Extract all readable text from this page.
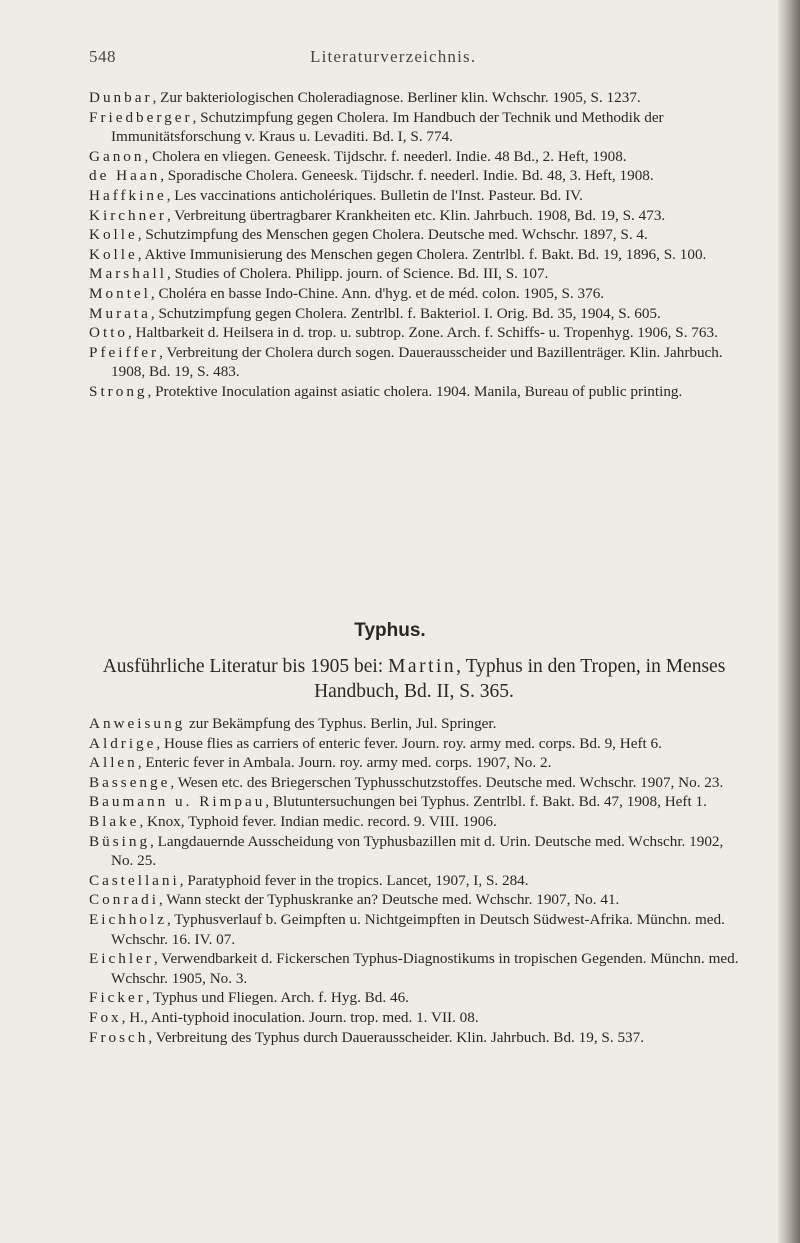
548	Literaturverzeichnis.
Dunbar, Zur bakteriologischen Choleradiagnose. Berliner klin. Wchschr. 1905, S. 1237.
Friedberger, Schutzimpfung gegen Cholera. Im Handbuch der Technik und Methodik der Immunitätsforschung v. Kraus u. Levaditi. Bd. I, S. 774.
Ganon, Cholera en vliegen. Geneesk. Tijdschr. f. neederl. Indie. 48 Bd., 2. Heft, 1908.
de Haan, Sporadische Cholera. Geneesk. Tijdschr. f. neederl. Indie. Bd. 48, 3. Heft, 1908.
Haffkine, Les vaccinations anticholériques. Bulletin de l'Inst. Pasteur. Bd. IV.
Kirchner, Verbreitung übertragbarer Krankheiten etc. Klin. Jahrbuch. 1908, Bd. 19, S. 473.
Kolle, Schutzimpfung des Menschen gegen Cholera. Deutsche med. Wchschr. 1897, S. 4.
Kolle, Aktive Immunisierung des Menschen gegen Cholera. Zentrlbl. f. Bakt. Bd. 19, 1896, S. 100.
Marshall, Studies of Cholera. Philipp. journ. of Science. Bd. III, S. 107.
Montel, Choléra en basse Indo-Chine. Ann. d'hyg. et de méd. colon. 1905, S. 376.
Murata, Schutzimpfung gegen Cholera. Zentrlbl. f. Bakteriol. I. Orig. Bd. 35, 1904, S. 605.
Otto, Haltbarkeit d. Heilsera in d. trop. u. subtrop. Zone. Arch. f. Schiffs- u. Tropenhyg. 1906, S. 763.
Pfeiffer, Verbreitung der Cholera durch sogen. Dauerausscheider und Bazillenträger. Klin. Jahrbuch. 1908, Bd. 19, S. 483.
Strong, Protektive Inoculation against asiatic cholera. 1904. Manila, Bureau of public printing.
Typhus.
Ausführliche Literatur bis 1905 bei: Martin, Typhus in den Tropen, in Menses Handbuch, Bd. II, S. 365.
Anweisung zur Bekämpfung des Typhus. Berlin, Jul. Springer.
Aldrige, House flies as carriers of enteric fever. Journ. roy. army med. corps. Bd. 9, Heft 6.
Allen, Enteric fever in Ambala. Journ. roy. army med. corps. 1907, No. 2.
Bassenge, Wesen etc. des Briegerschen Typhusschutzstoffes. Deutsche med. Wchschr. 1907, No. 23.
Baumann u. Rimpau, Blutuntersuchungen bei Typhus. Zentrlbl. f. Bakt. Bd. 47, 1908, Heft 1.
Blake, Knox, Typhoid fever. Indian medic. record. 9. VIII. 1906.
Büsing, Langdauernde Ausscheidung von Typhusbazillen mit d. Urin. Deutsche med. Wchschr. 1902, No. 25.
Castellani, Paratyphoid fever in the tropics. Lancet, 1907, I, S. 284.
Conradi, Wann steckt der Typhuskranke an? Deutsche med. Wchschr. 1907, No. 41.
Eichholz, Typhusverlauf b. Geimpften u. Nichtgeimpften in Deutsch Südwest-Afrika. Münchn. med. Wchschr. 16. IV. 07.
Eichler, Verwendbarkeit d. Fickerschen Typhus-Diagnostikums in tropischen Gegenden. Münchn. med. Wchschr. 1905, No. 3.
Ficker, Typhus und Fliegen. Arch. f. Hyg. Bd. 46.
Fox, H., Anti-typhoid inoculation. Journ. trop. med. 1. VII. 08.
Frosch, Verbreitung des Typhus durch Dauerausscheider. Klin. Jahrbuch. Bd. 19, S. 537.
